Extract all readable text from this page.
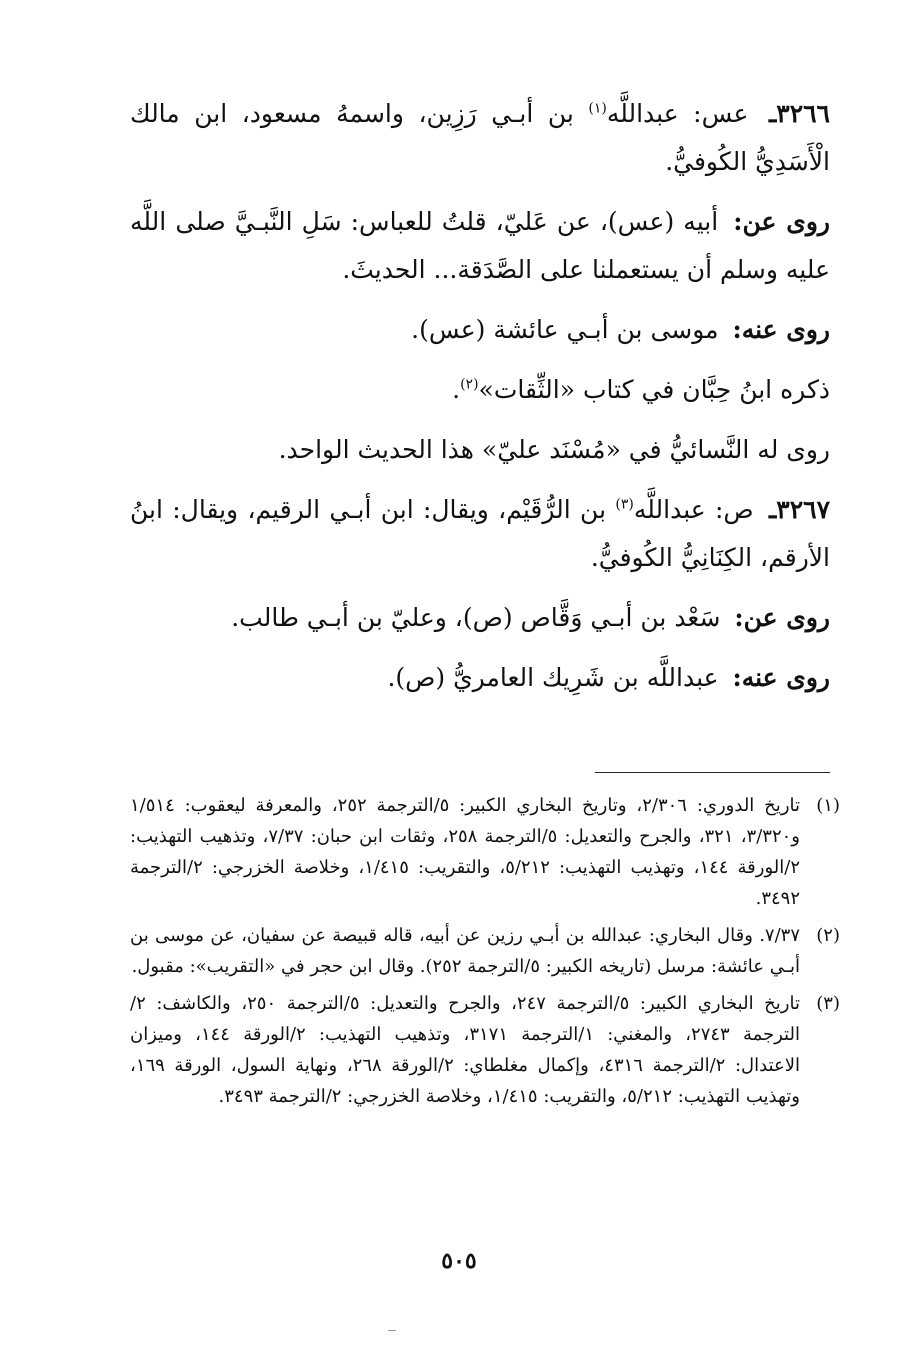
٣٢٦٦ـ عس: عبداللَّه$^{(١)}$ بن أبـي رَزِين، واسمهُ مسعود، ابن مالك الْأَسَدِيُّ الكُوفيُّ.

روى عن: أبيه (عس)، عن عَليّ، قلتُ للعباس: سَلِ النَّبـيَّ صلى اللَّه عليه وسلم أن يستعملنا على الصَّدَقة... الحديثَ.

روى عنه: موسى بن أبـي عائشة (عس).

ذكره ابنُ حِبَّان في كتاب «الثِّقات»$^{(٢)}$.

روى له النَّسائيُّ في «مُسْنَد عليّ» هذا الحديث الواحد.

٣٢٦٧ـ ص: عبداللَّه$^{(٣)}$ بن الرُّقَيْم، ويقال: ابن أبـي الرقيم، ويقال: ابنُ الأرقم، الكِنَانِيُّ الكُوفيُّ.

روى عن: سَعْد بن أبـي وَقَّاص (ص)، وعليّ بن أبـي طالب.

روى عنه: عبداللَّه بن شَرِيك العامريُّ (ص).

(١)
تاريخ الدوري: ٢/٣٠٦، وتاريخ البخاري الكبير: ٥/الترجمة ٢٥٢، والمعرفة ليعقوب: ١/٥١٤ و٣/٣٢٠، ٣٢١، والجرح والتعديل: ٥/الترجمة ٢٥٨، وثقات ابن حبان: ٧/٣٧، وتذهيب التهذيب: ٢/الورقة ١٤٤، وتهذيب التهذيب: ٥/٢١٢، والتقريب: ١/٤١٥، وخلاصة الخزرجي: ٢/الترجمة ٣٤٩٢.
(٢)
٧/٣٧. وقال البخاري: عبدالله بن أبـي رزين عن أبيه، قاله قبيصة عن سفيان، عن موسى بن أبـي عائشة: مرسل (تاريخه الكبير: ٥/الترجمة ٢٥٢). وقال ابن حجر في «التقريب»: مقبول.
(٣)
تاريخ البخاري الكبير: ٥/الترجمة ٢٤٧، والجرح والتعديل: ٥/الترجمة ٢٥٠، والكاشف: ٢/الترجمة ٢٧٤٣، والمغني: ١/الترجمة ٣١٧١، وتذهيب التهذيب: ٢/الورقة ١٤٤، وميزان الاعتدال: ٢/الترجمة ٤٣١٦، وإكمال مغلطاي: ٢/الورقة ٢٦٨، ونهاية السول، الورقة ١٦٩، وتهذيب التهذيب: ٥/٢١٢، والتقريب: ١/٤١٥، وخلاصة الخزرجي: ٢/الترجمة ٣٤٩٣.
٥٠٥
